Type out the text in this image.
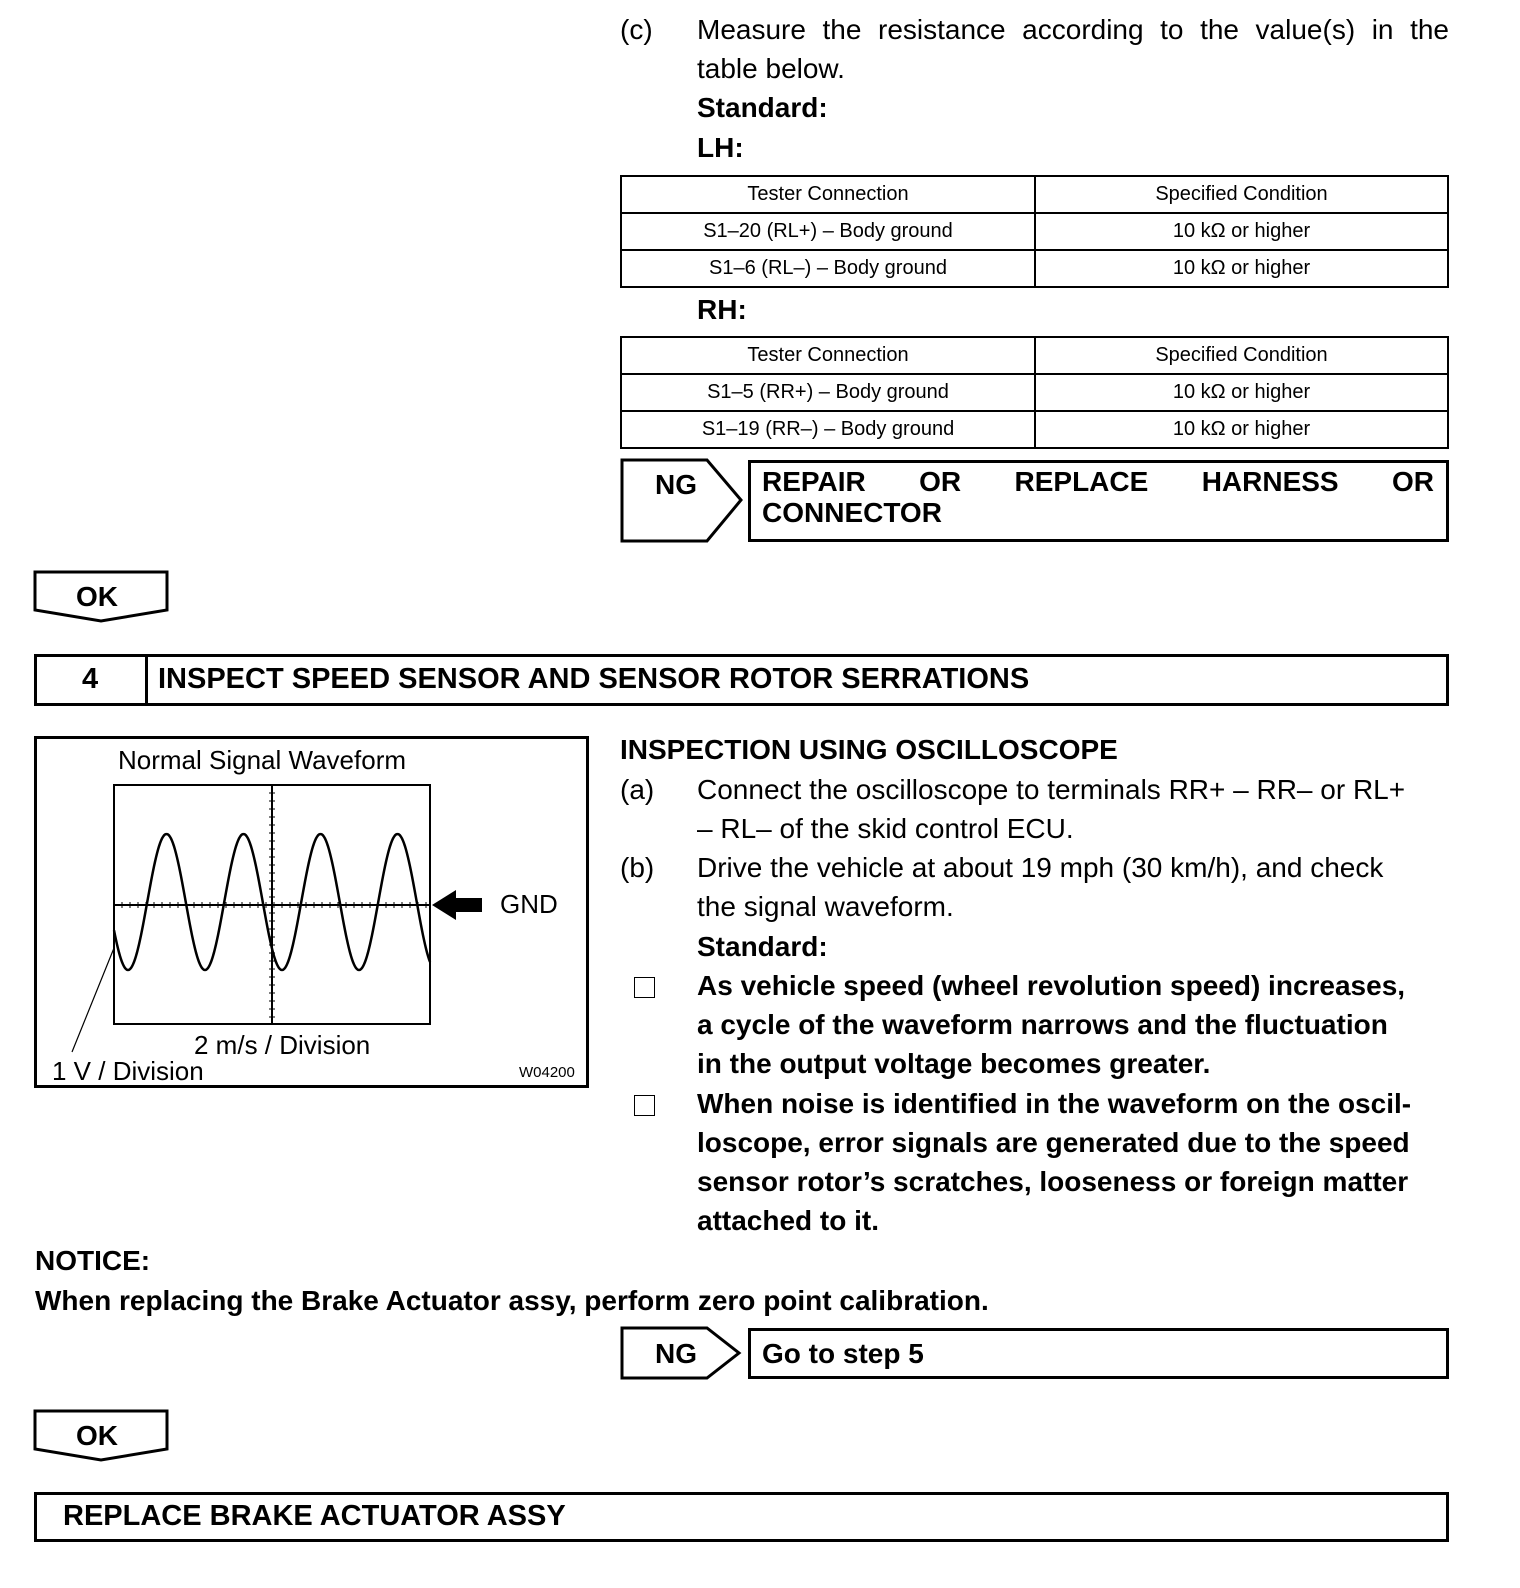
(c) Measure the resistance according to the value(s) in the
table below.
Standard:
LH:
Tester Connection	Specified Condition
S1–20 (RL+) – Body ground	10 kΩ or higher
S1–6 (RL–) – Body ground	10 kΩ or higher
RH:
Tester Connection	Specified Condition
S1–5 (RR+) – Body ground	10 kΩ or higher
S1–19 (RR–) – Body ground	10 kΩ or higher
NG REPAIR OR REPLACE HARNESS OR
CONNECTOR
OK
4 INSPECT SPEED SENSOR AND SENSOR ROTOR SERRATIONS
Normal Signal Waveform
GND
2 m/s / Division
1 V / Division	W04200
INSPECTION USING OSCILLOSCOPE
(a) Connect the oscilloscope to terminals RR+ – RR– or RL+
– RL– of the skid control ECU.
(b) Drive the vehicle at about 19 mph (30 km/h), and check
the signal waveform.
Standard:
As vehicle speed (wheel revolution speed) increases,
a cycle of the waveform narrows and the fluctuation
in the output voltage becomes greater.
When noise is identified in the waveform on the oscil-
loscope, error signals are generated due to the speed
sensor rotor’s scratches, looseness or foreign matter
attached to it.
NOTICE:
When replacing the Brake Actuator assy, perform zero point calibration.
NG Go to step 5
OK
REPLACE BRAKE ACTUATOR ASSY
